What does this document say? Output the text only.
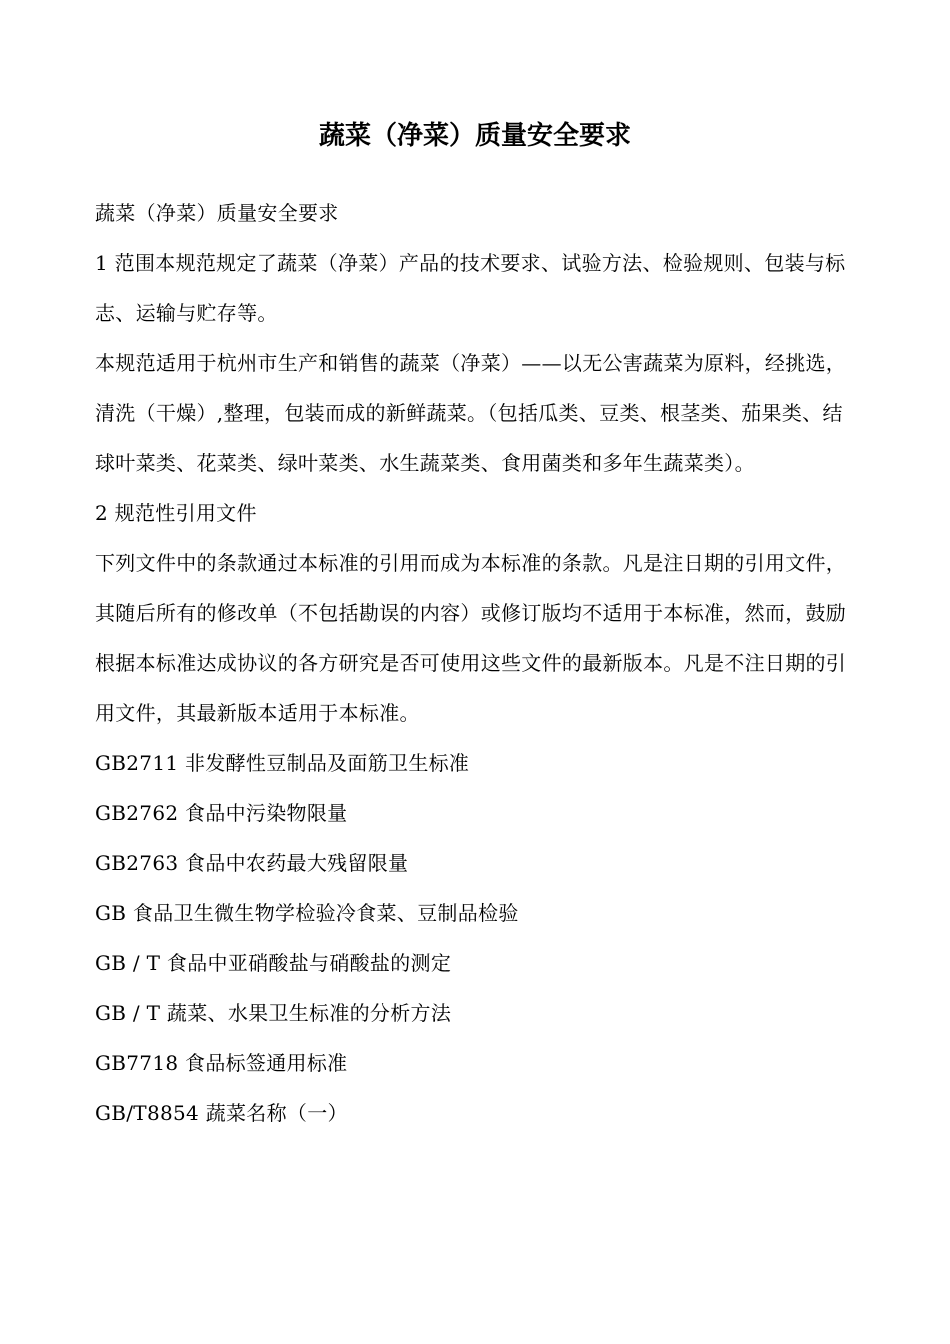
蔬菜（净菜）质量安全要求

蔬菜（净菜）质量安全要求

1 范围本规范规定了蔬菜（净菜）产品的技术要求、试验方法、检验规则、包装与标志、运输与贮存等。

本规范适用于杭州市生产和销售的蔬菜（净菜）——以无公害蔬菜为原料，经挑选，清洗（干燥）,整理，包装而成的新鲜蔬菜。（包括瓜类、豆类、根茎类、茄果类、结球叶菜类、花菜类、绿叶菜类、水生蔬菜类、食用菌类和多年生蔬菜类）。

2 规范性引用文件

下列文件中的条款通过本标准的引用而成为本标准的条款。凡是注日期的引用文件，其随后所有的修改单（不包括勘误的内容）或修订版均不适用于本标准，然而，鼓励根据本标准达成协议的各方研究是否可使用这些文件的最新版本。凡是不注日期的引用文件，其最新版本适用于本标准。

GB2711 非发酵性豆制品及面筋卫生标准

GB2762 食品中污染物限量

GB2763 食品中农药最大残留限量

GB 食品卫生微生物学检验冷食菜、豆制品检验

GB / T 食品中亚硝酸盐与硝酸盐的测定

GB / T 蔬菜、水果卫生标准的分析方法

GB7718 食品标签通用标准

GB/T8854 蔬菜名称（一）
